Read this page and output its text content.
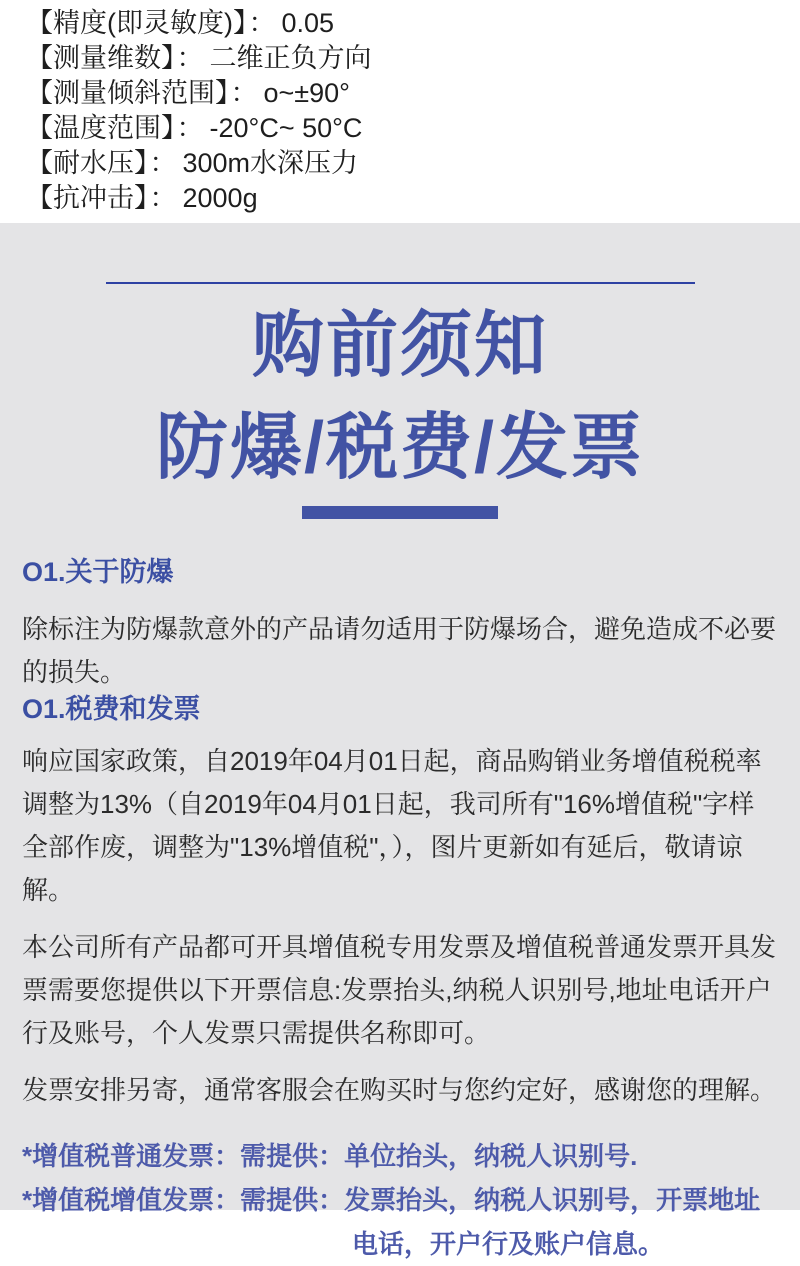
【精度(即灵敏度)】： 0.05
【测量维数】： 二维正负方向
【测量倾斜范围】： o~±90°
【温度范围】： -20°C~ 50°C
【耐水压】： 300m水深压力
【抗冲击】： 2000g
购前须知
防爆/税费/发票
O1.关于防爆

除标注为防爆款意外的产品请勿适用于防爆场合，避免造成不必要的损失。

O1.税费和发票

响应国家政策，自2019年04月01日起，商品购销业务增值税税率调整为13%（自2019年04月01日起，我司所有"16%增值税"字样全部作废，调整为"13%增值税"，），图片更新如有延后，敬请谅解。

本公司所有产品都可开具增值税专用发票及增值税普通发票开具发票需要您提供以下开票信息:发票抬头,纳税人识别号,地址电话开户行及账号，个人发票只需提供名称即可。

发票安排另寄，通常客服会在购买时与您约定好，感谢您的理解。

*增值税普通发票：需提供：单位抬头，纳税人识别号.
*增值税增值发票：需提供：发票抬头，纳税人识别号，开票地址
电话，开户行及账户信息。
